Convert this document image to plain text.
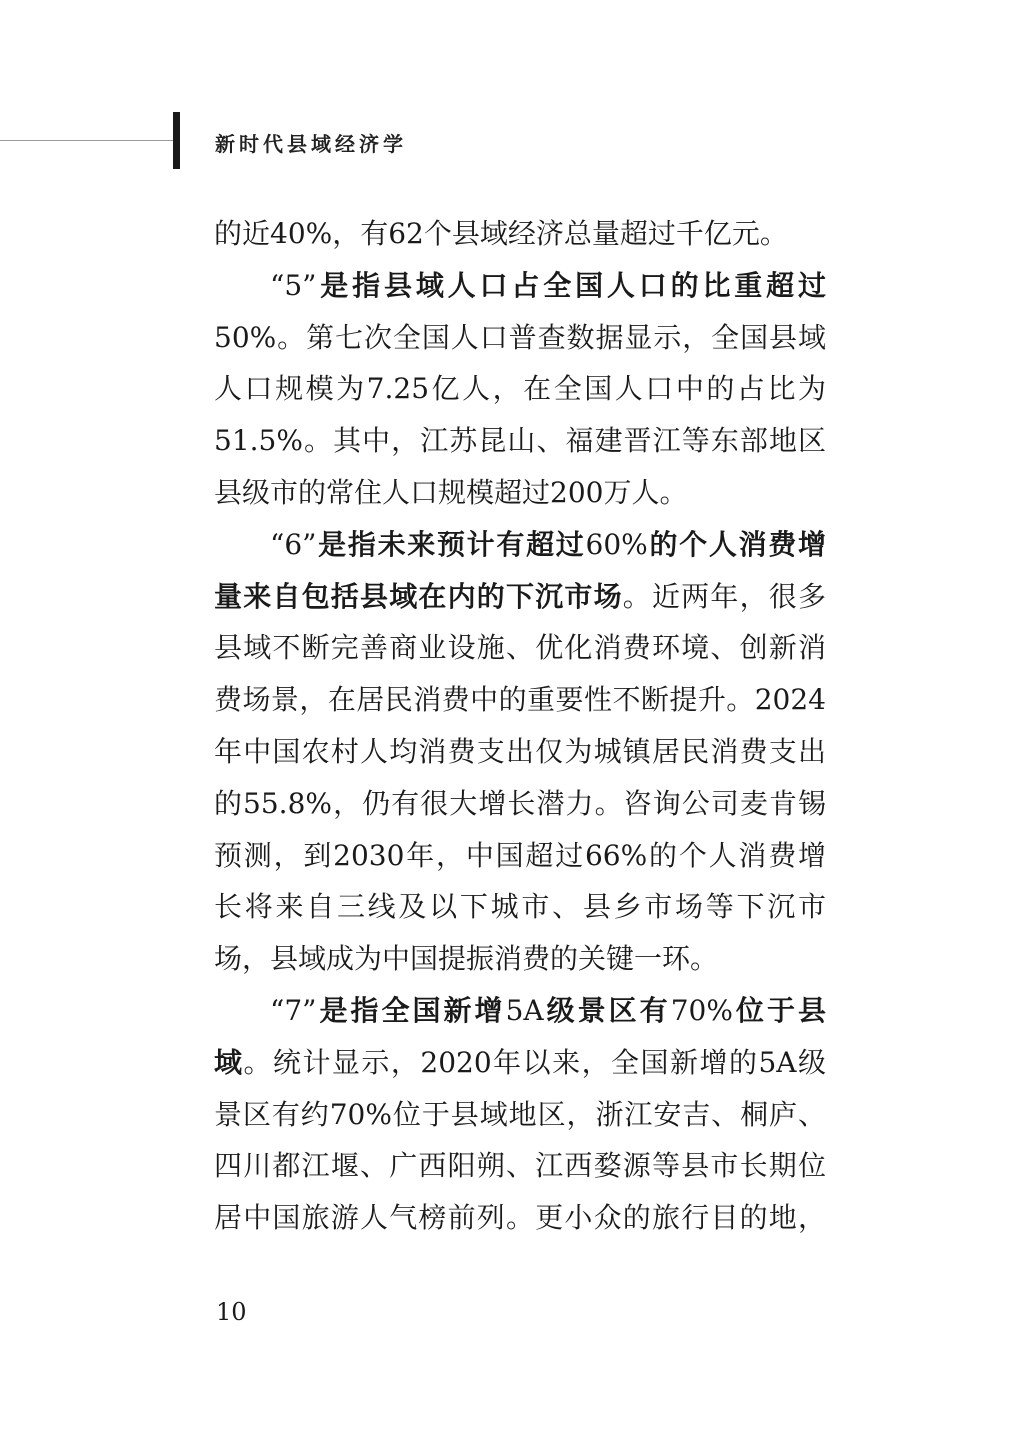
新时代县域经济学
的近40%，有62个县域经济总量超过千亿元。
“5”是指县域人口占全国人口的比重超过
50%。第七次全国人口普查数据显示，全国县域
人口规模为7.25亿人，在全国人口中的占比为
51.5%。其中，江苏昆山、福建晋江等东部地区
县级市的常住人口规模超过200万人。
“6”是指未来预计有超过60%的个人消费增
量来自包括县域在内的下沉市场。近两年，很多
县域不断完善商业设施、优化消费环境、创新消
费场景，在居民消费中的重要性不断提升。2024
年中国农村人均消费支出仅为城镇居民消费支出
的55.8%，仍有很大增长潜力。咨询公司麦肯锡
预测，到2030年，中国超过66%的个人消费增
长将来自三线及以下城市、县乡市场等下沉市
场，县域成为中国提振消费的关键一环。
“7”是指全国新增5A级景区有70%位于县
域。统计显示，2020年以来，全国新增的5A级
景区有约70%位于县域地区，浙江安吉、桐庐、
四川都江堰、广西阳朔、江西婺源等县市长期位
居中国旅游人气榜前列。更小众的旅行目的地，
10
